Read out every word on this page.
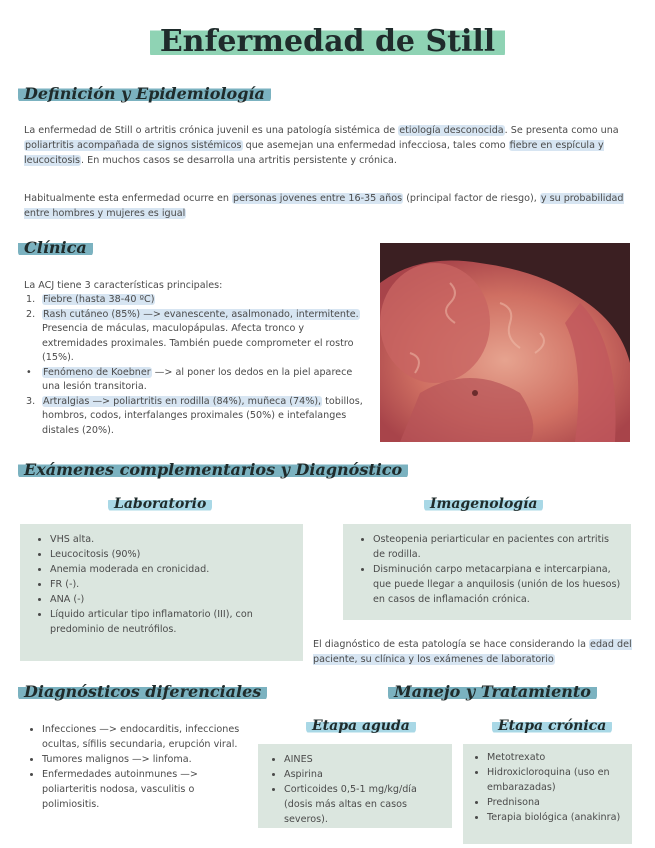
Enfermedad de Still
Definición y Epidemiología
La enfermedad de Still o artritis crónica juvenil es una patología sistémica de etiología desconocida. Se presenta como una poliartritis acompañada de signos sistémicos que asemejan una enfermedad infecciosa, tales como fiebre en espícula y leucocitosis. En muchos casos se desarrolla una artritis persistente y crónica.
Habitualmente esta enfermedad ocurre en personas jovenes entre 16-35 años (principal factor de riesgo), y su probabilidad entre hombres y mujeres es igual
Clínica
La ACJ tiene 3 características principales:
1. Fiebre (hasta 38-40 ºC)
2. Rash cutáneo (85%) —> evanescente, asalmonado, intermitente. Presencia de máculas, maculopápulas. Afecta tronco y extremidades proximales. También puede comprometer el rostro (15%).
• Fenómeno de Koebner —> al poner los dedos en la piel aparece una lesión transitoria.
3. Artralgias —> poliartritis en rodilla (84%), muñeca (74%), tobillos, hombros, codos, interfalanges proximales (50%) e intefalanges distales (20%).
Exámenes complementarios y Diagnóstico
Laboratorio	Imagenología
• VHS alta.
• Leucocitosis (90%)
• Anemia moderada en cronicidad.
• FR (-).
• ANA (-)
• Líquido articular tipo inflamatorio (III), con predominio de neutrófilos.
• Osteopenia periarticular en pacientes con artritis de rodilla.
• Disminución carpo metacarpiana e intercarpiana, que puede llegar a anquilosis (unión de los huesos) en casos de inflamación crónica.
El diagnóstico de esta patología se hace considerando la edad del paciente, su clínica y los exámenes de laboratorio
Diagnósticos diferenciales
• Infecciones —> endocarditis, infecciones ocultas, sífilis secundaria, erupción viral.
• Tumores malignos —> linfoma.
• Enfermedades autoinmunes —> poliarteritis nodosa, vasculitis o polimiositis.
Manejo y Tratamiento
Etapa aguda	Etapa crónica
• AINES
• Aspirina
• Corticoides 0,5-1 mg/kg/día (dosis más altas en casos severos).
• Metotrexato
• Hidroxicloroquina (uso en embarazadas)
• Prednisona
• Terapia biológica (anakinra)
